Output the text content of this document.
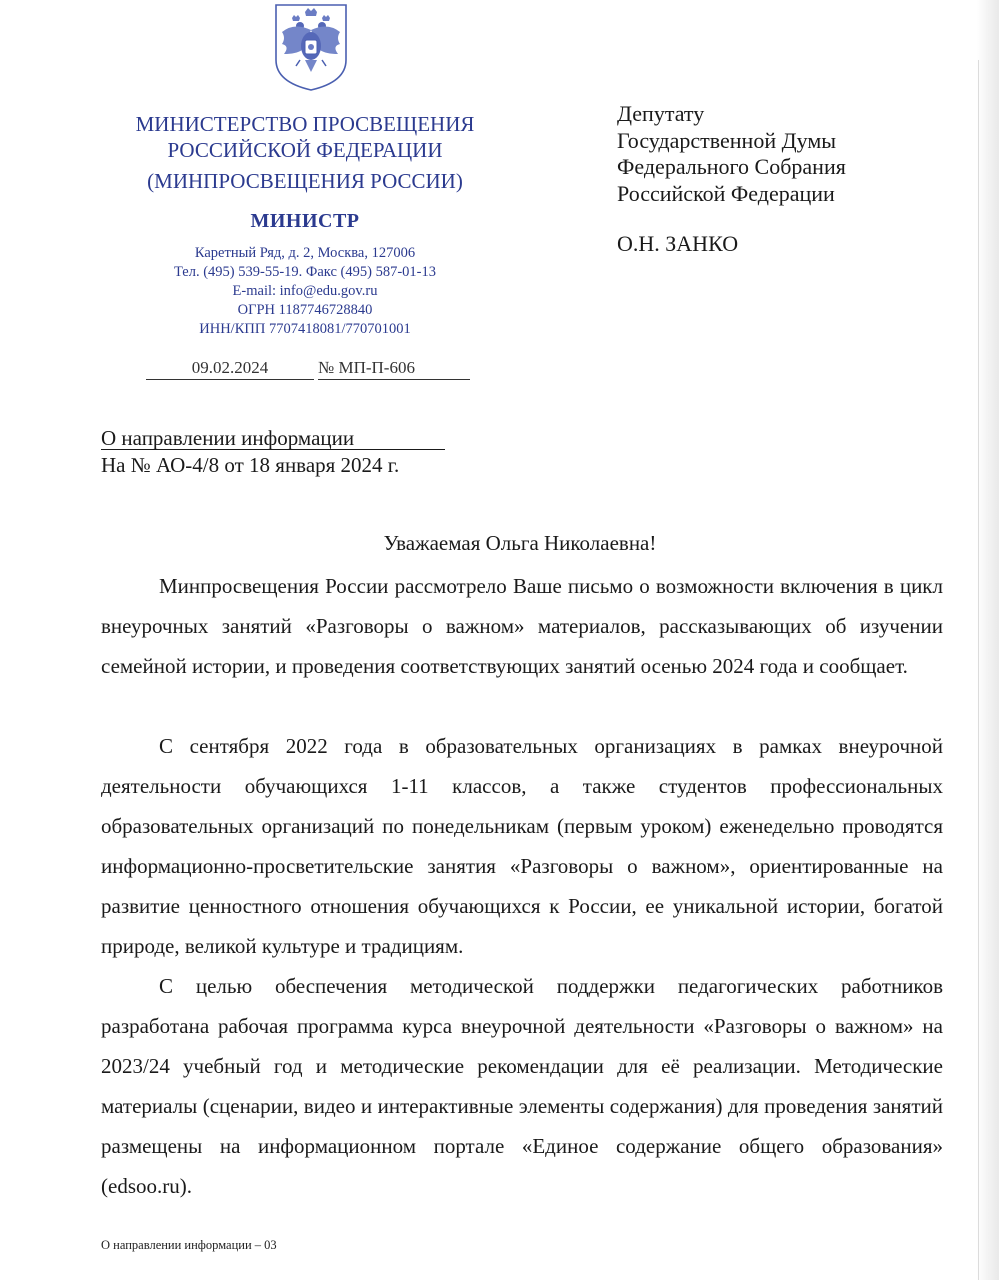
МИНИСТЕРСТВО ПРОСВЕЩЕНИЯ
РОССИЙСКОЙ ФЕДЕРАЦИИ
(МИНПРОСВЕЩЕНИЯ РОССИИ)
МИНИСТР
Каретный Ряд, д. 2, Москва, 127006
Тел. (495) 539-55-19. Факс (495) 587-01-13
E-mail: info@edu.gov.ru
ОГРН 1187746728840
ИНН/КПП 7707418081/770701001
09.02.2024	№ МП-П-606
Депутату
Государственной Думы
Федерального Собрания
Российской Федерации
О.Н. ЗАНКО
О направлении информации
На № АО-4/8 от 18 января 2024 г.
Уважаемая Ольга Николаевна!

Минпросвещения России рассмотрело Ваше письмо о возможности включения в цикл внеурочных занятий «Разговоры о важном» материалов, рассказывающих об изучении семейной истории, и проведения соответствующих занятий осенью 2024 года и сообщает.

С сентября 2022 года в образовательных организациях в рамках внеурочной деятельности обучающихся 1-11 классов, а также студентов профессиональных образовательных организаций по понедельникам (первым уроком) еженедельно проводятся информационно-просветительские занятия «Разговоры о важном», ориентированные на развитие ценностного отношения обучающихся к России, ее уникальной истории, богатой природе, великой культуре и традициям.

С целью обеспечения методической поддержки педагогических работников разработана рабочая программа курса внеурочной деятельности «Разговоры о важном» на 2023/24 учебный год и методические рекомендации для её реализации. Методические материалы (сценарии, видео и интерактивные элементы содержания) для проведения занятий размещены на информационном портале «Единое содержание общего образования» (edsoo.ru).

О направлении информации – 03
